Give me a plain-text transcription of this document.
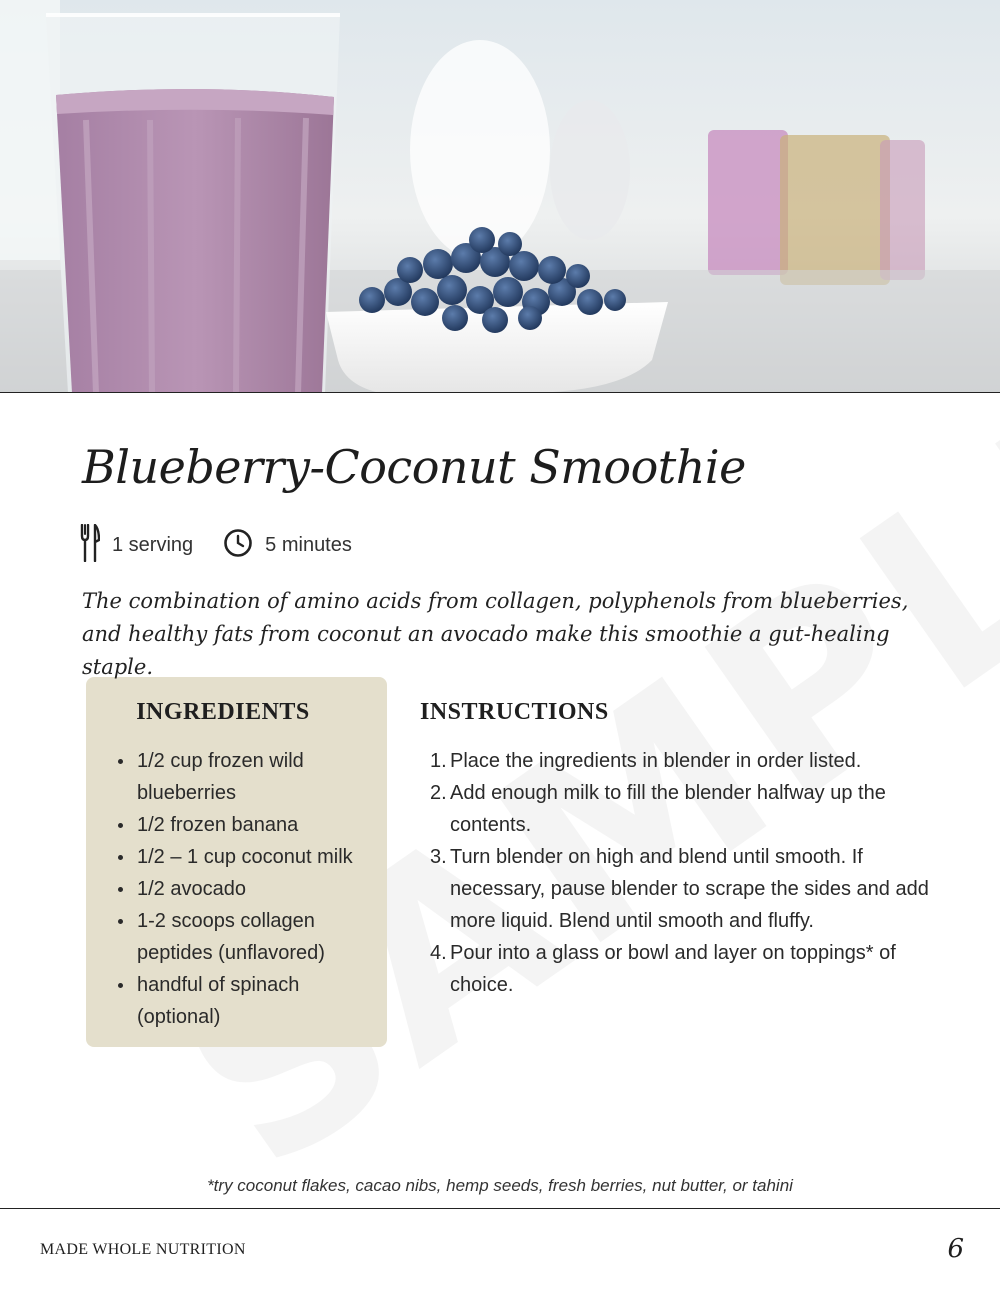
Blueberry-Coconut Smoothie
1 serving	5 minutes

The combination of amino acids from collagen, polyphenols from blueberries, and healthy fats from coconut an avocado make this smoothie a gut-healing staple.

INGREDIENTS
1/2 cup frozen wild blueberries
1/2 frozen banana
1/2 – 1 cup coconut milk
1/2 avocado
1-2 scoops collagen peptides (unflavored)
handful of spinach (optional)
INSTRUCTIONS
1. Place the ingredients in blender in order listed.
2. Add enough milk to fill the blender halfway up the contents.
3. Turn blender on high and blend until smooth. If necessary, pause blender to scrape the sides and add more liquid. Blend until smooth and fluffy.
4. Pour into a glass or bowl and layer on toppings* of choice.

*try coconut flakes, cacao nibs, hemp seeds, fresh berries, nut butter, or tahini

MADE WHOLE NUTRITION	6
